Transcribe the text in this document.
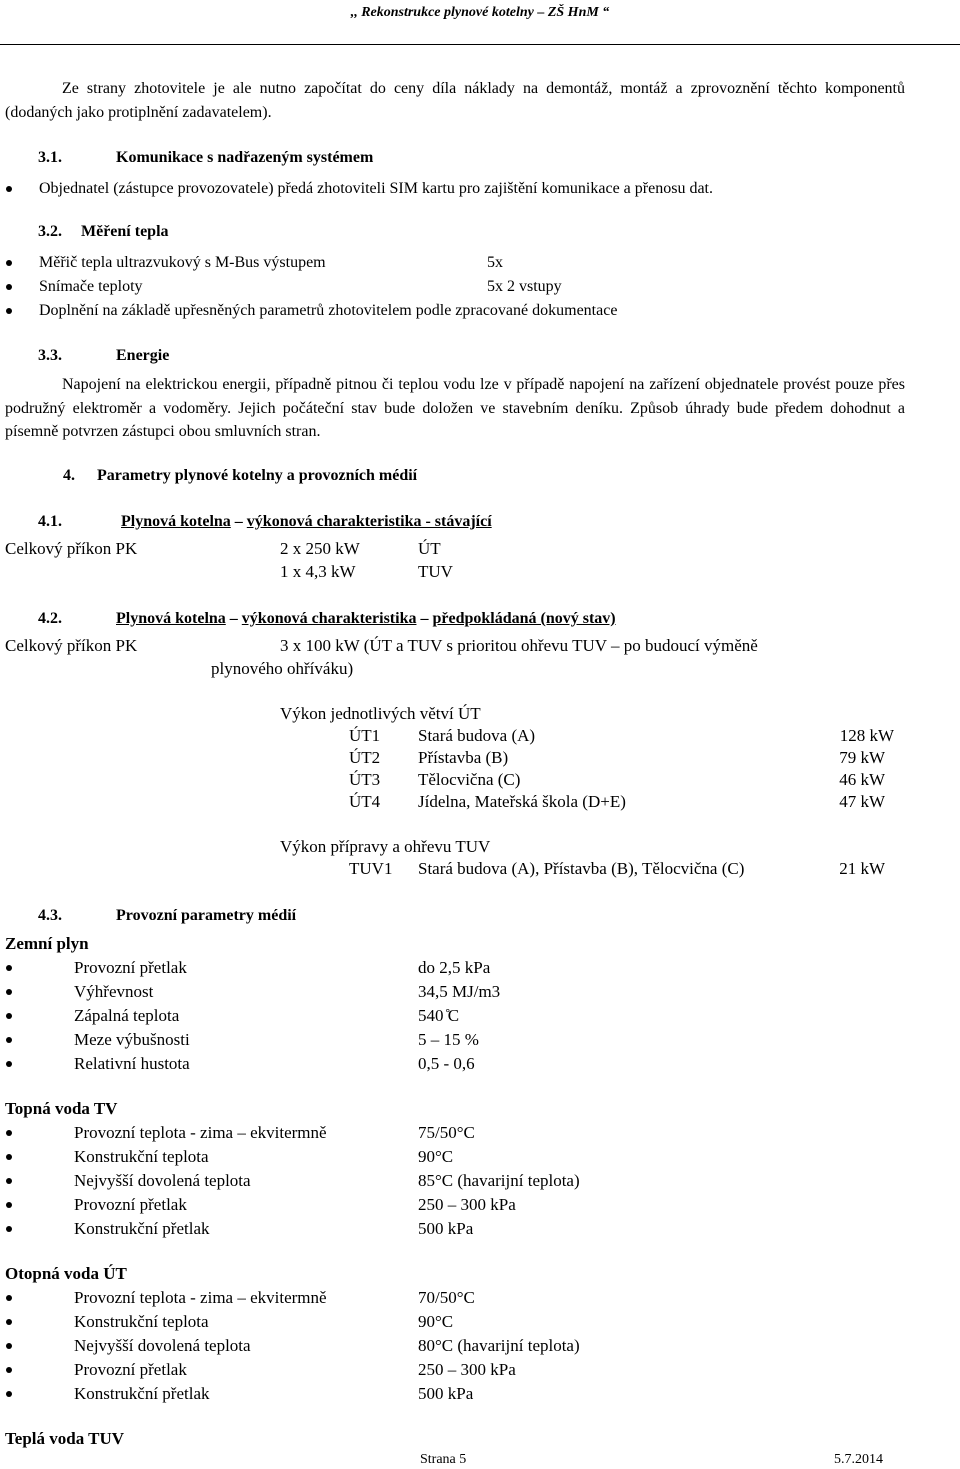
,, Rekonstrukce plynové kotelny – ZŠ HnM “
Ze strany zhotovitele je ale nutno započítat do ceny díla náklady na demontáž, montáž a zprovoznění těchto komponentů (dodaných jako protiplnění zadavatelem).
3.1.	Komunikace s nadřazeným systémem
Objednatel (zástupce provozovatele) předá zhotoviteli SIM kartu pro zajištění komunikace a přenosu dat.
3.2. Měření tepla
Měřič tepla ultrazvukový s M-Bus výstupem	5x
Snímače teploty	5x 2 vstupy
Doplnění na základě upřesněných parametrů zhotovitelem podle zpracované dokumentace
3.3.	Energie
Napojení na elektrickou energii, případně pitnou či teplou vodu lze v případě napojení na zařízení objednatele provést pouze přes podružný elektroměr a vodoměry. Jejich počáteční stav bude doložen ve stavebním deníku. Způsob úhrady bude předem dohodnut a písemně potvrzen zástupci obou smluvních stran.
4. Parametry plynové kotelny a provozních médií
4.1.	Plynová kotelna – výkonová charakteristika - stávající
Celkový příkon PK	2 x 250 kW	ÚT
1 x 4,3 kW	TUV
4.2.	Plynová kotelna – výkonová charakteristika – předpokládaná (nový stav)
Celkový příkon PK	3 x 100 kW (ÚT a TUV s prioritou ohřevu TUV – po budoucí výměně
plynového ohříváku)
Výkon jednotlivých větví ÚT
ÚT1 Stará budova (A)	128 kW
ÚT2 Přístavba (B)	79 kW
ÚT3 Tělocvična (C)	46 kW
ÚT4 Jídelna, Mateřská škola (D+E)	47 kW
Výkon přípravy a ohřevu TUV
TUV1 Stará budova (A), Přístavba (B), Tělocvična (C)	21 kW
4.3.	Provozní parametry médií
Zemní plyn
Provozní přetlak	do 2,5 kPa
Výhřevnost	34,5 MJ/m3
Zápalná teplota	540 ̊C
Meze výbušnosti	5 – 15 %
Relativní hustota	0,5 - 0,6
Topná voda TV
Provozní teplota - zima – ekvitermně	75/50°C
Konstrukční teplota	90°C
Nejvyšší dovolená teplota	85°C (havarijní teplota)
Provozní přetlak	250 – 300 kPa
Konstrukční přetlak	500 kPa
Otopná voda ÚT
Provozní teplota - zima – ekvitermně	70/50°C
Konstrukční teplota	90°C
Nejvyšší dovolená teplota	80°C (havarijní teplota)
Provozní přetlak	250 – 300 kPa
Konstrukční přetlak	500 kPa
Teplá voda TUV
Strana 5	5.7.2014
